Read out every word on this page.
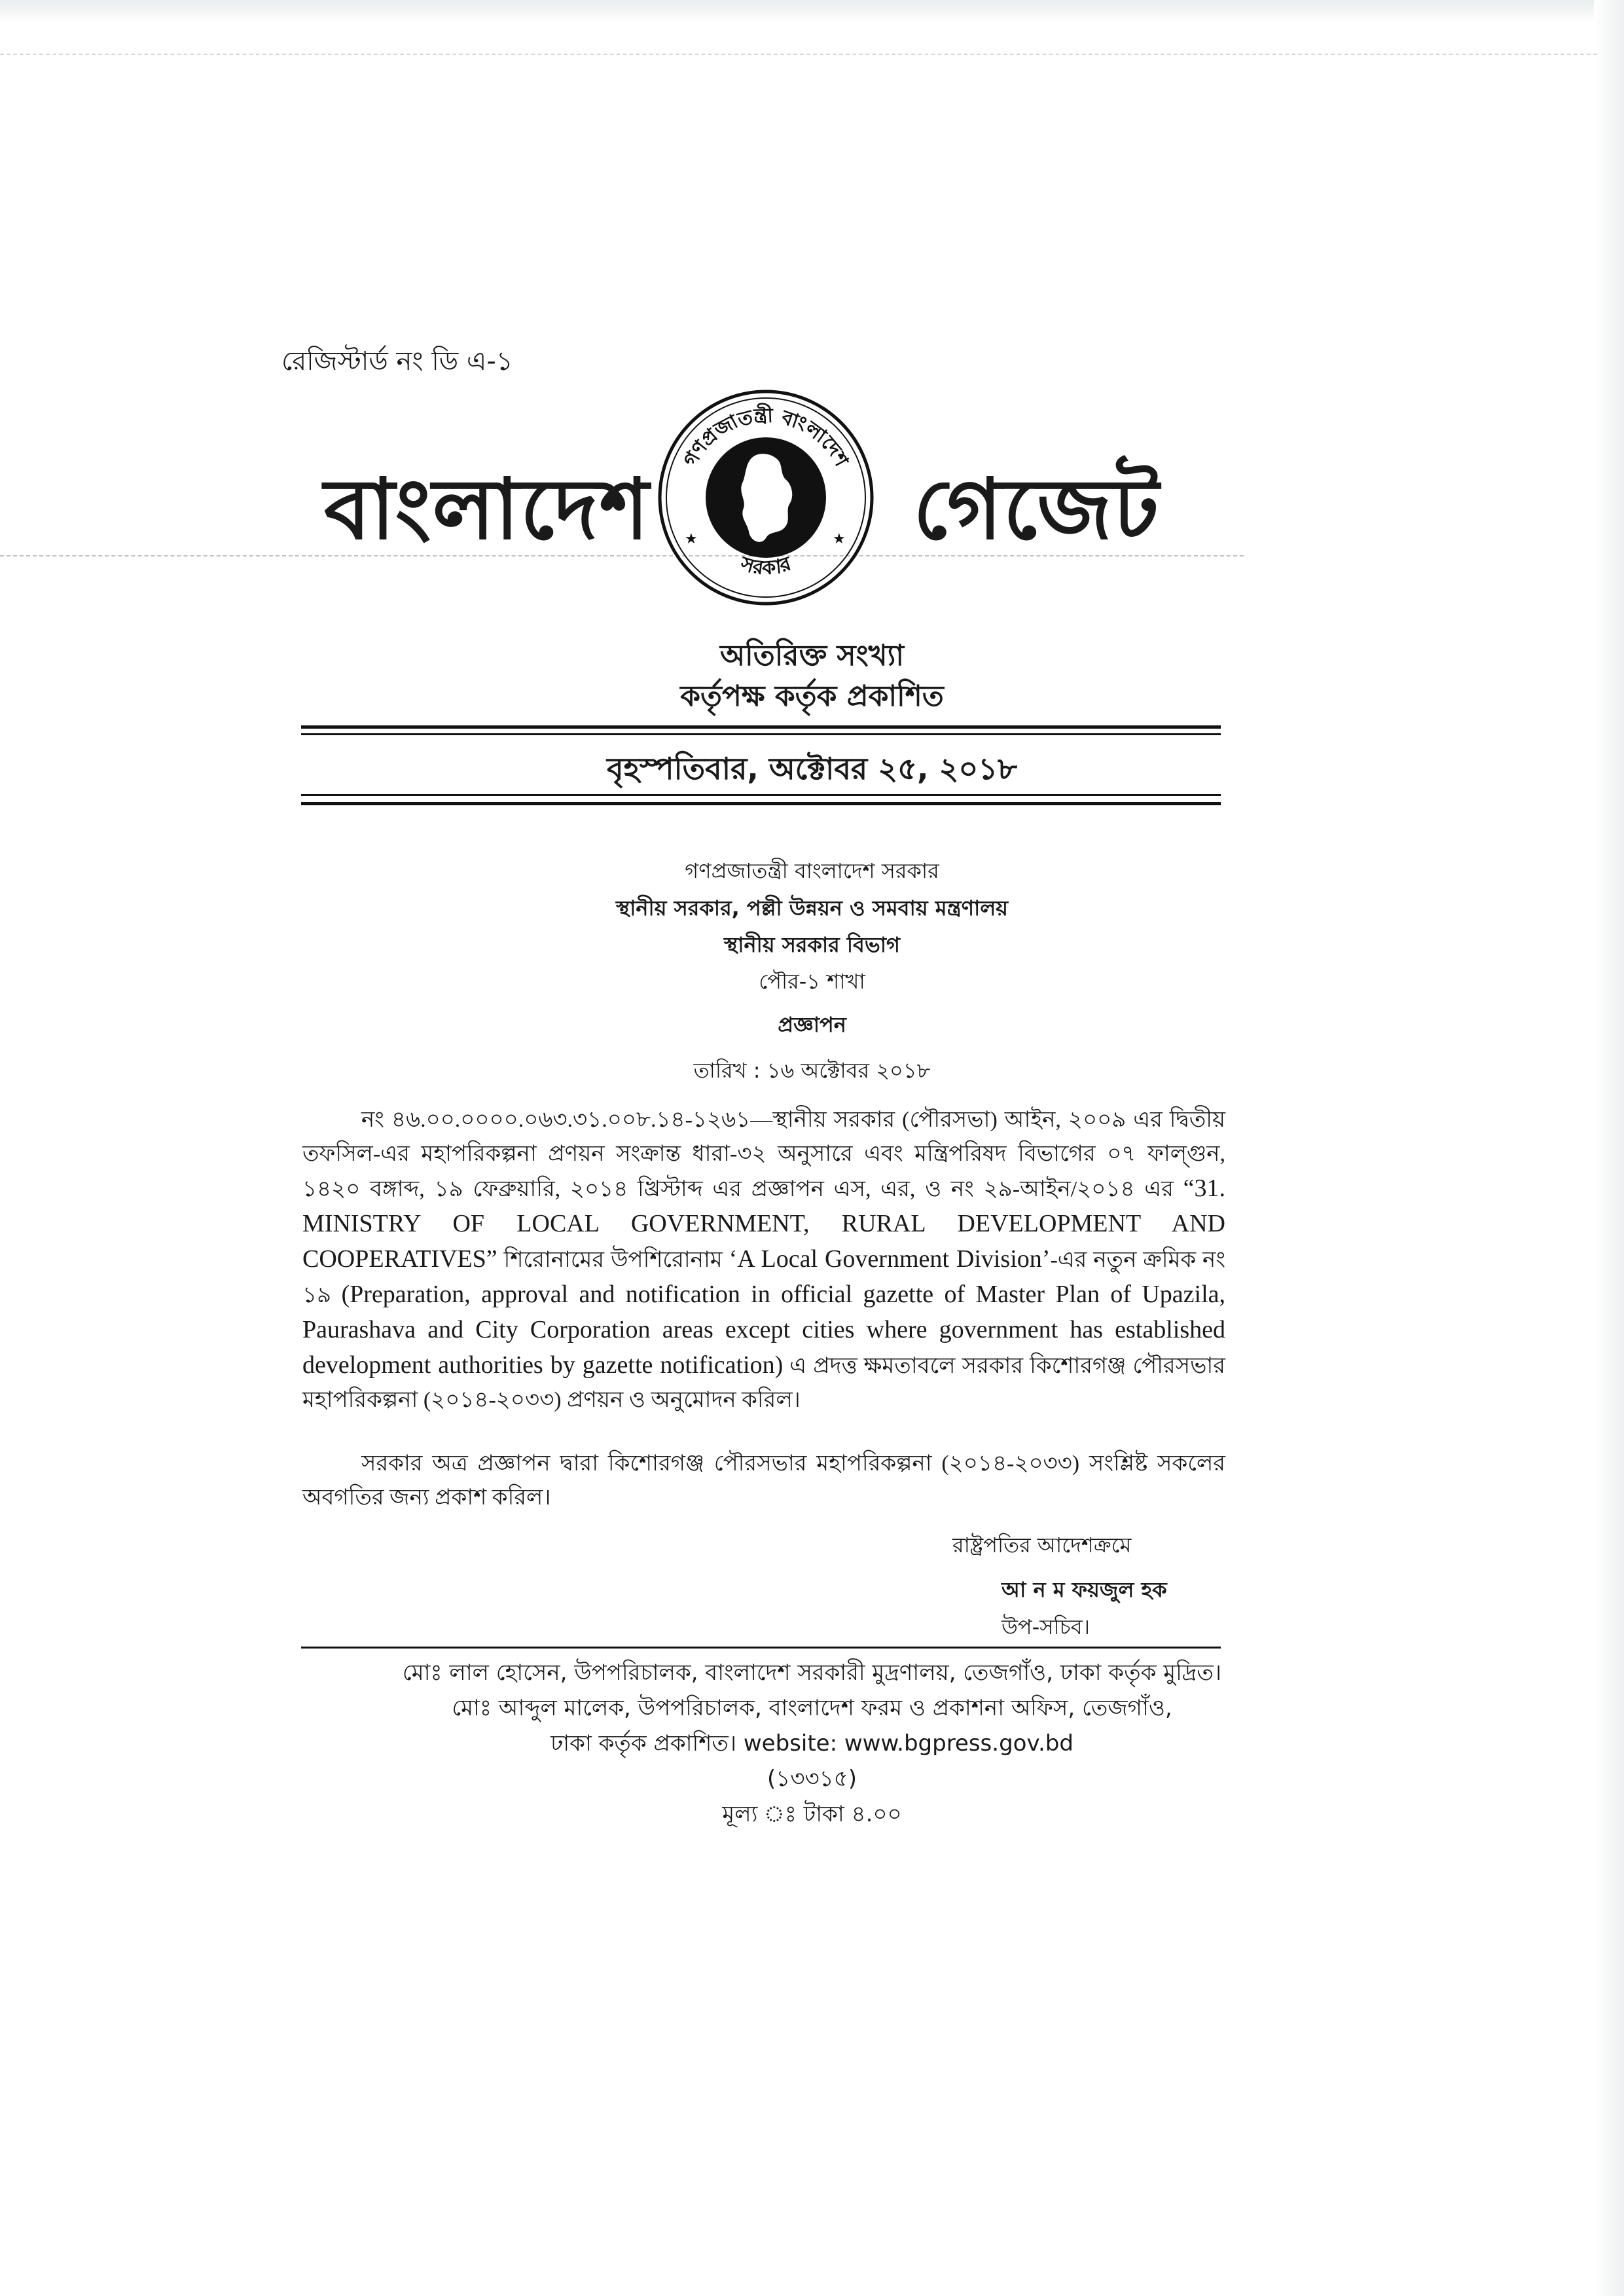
রেজিস্টার্ড নং ডি এ-১
বাংলাদেশ
গণপ্রজাতন্ত্রী বাংলাদেশ
সরকার
★	★ গেজেট
অতিরিক্ত সংখ্যা
কর্তৃপক্ষ কর্তৃক প্রকাশিত
বৃহস্পতিবার, অক্টোবর ২৫, ২০১৮
গণপ্রজাতন্ত্রী বাংলাদেশ সরকার
স্থানীয় সরকার, পল্লী উন্নয়ন ও সমবায় মন্ত্রণালয়
স্থানীয় সরকার বিভাগ
পৌর-১ শাখা
প্রজ্ঞাপন
তারিখ : ১৬ অক্টোবর ২০১৮
নং ৪৬.০০.০০০০.০৬৩.৩১.০০৮.১৪-১২৬১—স্থানীয় সরকার (পৌরসভা) আইন, ২০০৯ এর দ্বিতীয় তফসিল-এর মহাপরিকল্পনা প্রণয়ন সংক্রান্ত ধারা-৩২ অনুসারে এবং মন্ত্রিপরিষদ বিভাগের ০৭ ফাল্গুন, ১৪২০ বঙ্গাব্দ, ১৯ ফেব্রুয়ারি, ২০১৪ খ্রিস্টাব্দ এর প্রজ্ঞাপন এস, এর, ও নং ২৯-আইন/২০১৪ এর “31. MINISTRY OF LOCAL GOVERNMENT, RURAL DEVELOPMENT AND COOPERATIVES” শিরোনামের উপশিরোনাম ‘A Local Government Division’-এর নতুন ক্রমিক নং ১৯ (Preparation, approval and notification in official gazette of Master Plan of Upazila, Paurashava and City Corporation areas except cities where government has established development authorities by gazette notification) এ প্রদত্ত ক্ষমতাবলে সরকার কিশোরগঞ্জ পৌরসভার মহাপরিকল্পনা (২০১৪-২০৩৩) প্রণয়ন ও অনুমোদন করিল।
সরকার অত্র প্রজ্ঞাপন দ্বারা কিশোরগঞ্জ পৌরসভার মহাপরিকল্পনা (২০১৪-২০৩৩) সংশ্লিষ্ট সকলের অবগতির জন্য প্রকাশ করিল।
রাষ্ট্রপতির আদেশক্রমে
আ ন ম ফয়জুল হক
উপ-সচিব।
মোঃ লাল হোসেন, উপপরিচালক, বাংলাদেশ সরকারী মুদ্রণালয়, তেজগাঁও, ঢাকা কর্তৃক মুদ্রিত।
মোঃ আব্দুল মালেক, উপপরিচালক, বাংলাদেশ ফরম ও প্রকাশনা অফিস, তেজগাঁও,
ঢাকা কর্তৃক প্রকাশিত। website: www.bgpress.gov.bd
(১৩৩১৫)
মূল্য ঃ টাকা ৪.০০
